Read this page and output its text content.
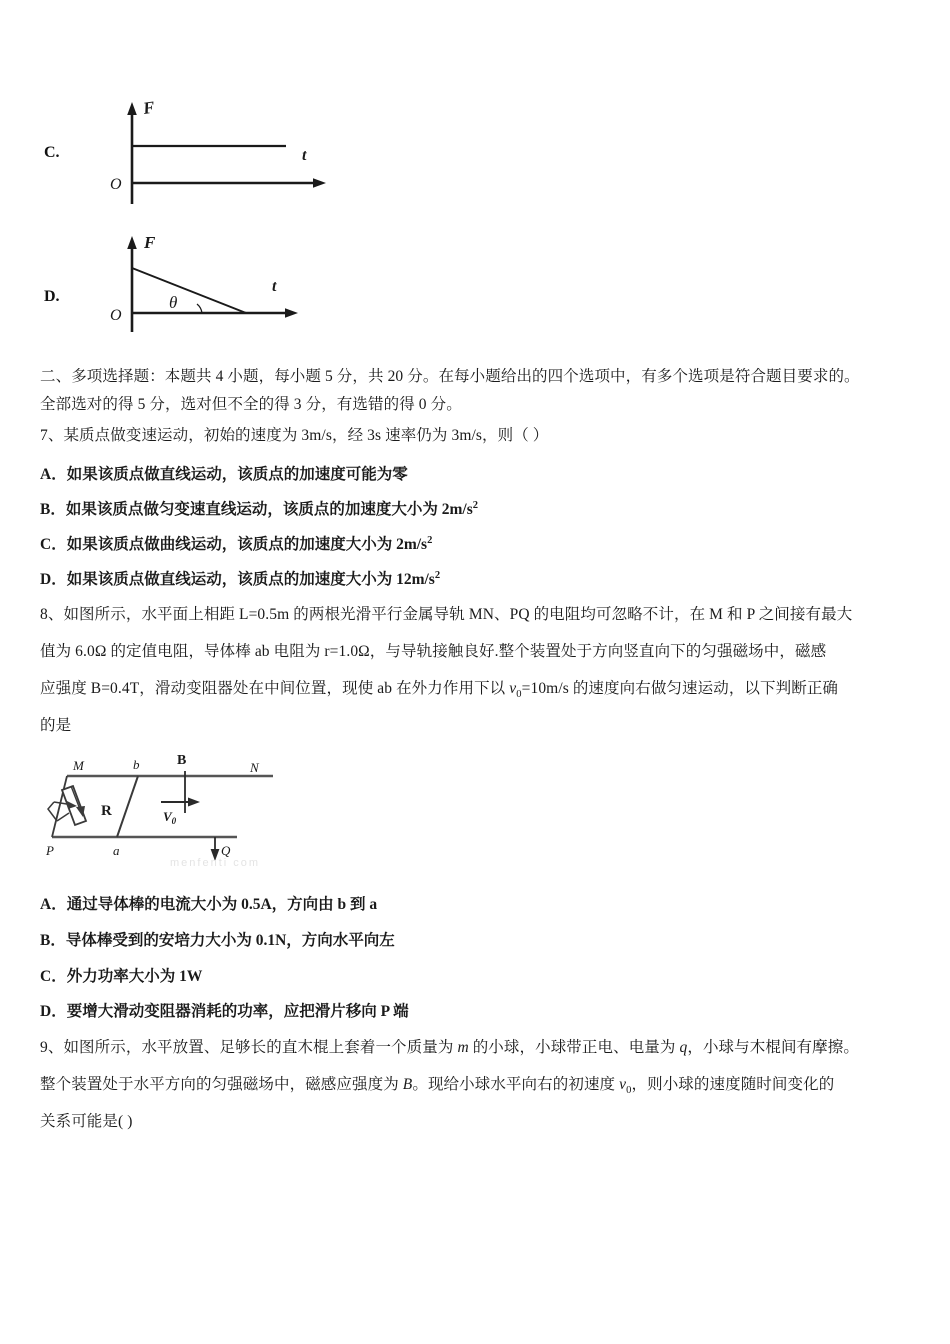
C.
F
t
O
D.	θ
F
t
O
二、多项选择题：本题共 4 小题，每小题 5 分，共 20 分。在每小题给出的四个选项中，有多个选项是符合题目要求的。
全部选对的得 5 分，选对但不全的得 3 分，有选错的得 0 分。
7、某质点做变速运动，初始的速度为 3m/s，经 3s 速率仍为 3m/s，则（ ）
A．如果该质点做直线运动，该质点的加速度可能为零
B．如果该质点做匀变速直线运动，该质点的加速度大小为 $2m/s^2$
C．如果该质点做曲线运动，该质点的加速度大小为 $2m/s^2$
D．如果该质点做直线运动，该质点的加速度大小为 $12m/s^2$
8、如图所示，水平面上相距 L=0.5m 的两根光滑平行金属导轨 MN、PQ 的电阻均可忽略不计，在 M 和 P 之间接有最大
值为 6.0Ω 的定值电阻，导体棒 ab 电阻为 r=1.0Ω，与导轨接触良好.整个装置处于方向竖直向下的匀强磁场中，磁感
应强度 B=0.4T，滑动变阻器处在中间位置，现使 ab 在外力作用下以 $v_0=10m/s$ 的速度向右做匀速运动，以下判断正确
的是
M	N
P	Q
a
b	B
R	$V_0$
menfenti com
A．通过导体棒的电流大小为 0.5A，方向由 b 到 a
B．导体棒受到的安培力大小为 0.1N，方向水平向左
C．外力功率大小为 1W
D．要增大滑动变阻器消耗的功率，应把滑片移向 P 端
9、如图所示，水平放置、足够长的直木棍上套着一个质量为 m 的小球，小球带正电、电量为 q，小球与木棍间有摩擦。
整个装置处于水平方向的匀强磁场中，磁感应强度为 B。现给小球水平向右的初速度 $v_0$，则小球的速度随时间变化的
关系可能是( )
